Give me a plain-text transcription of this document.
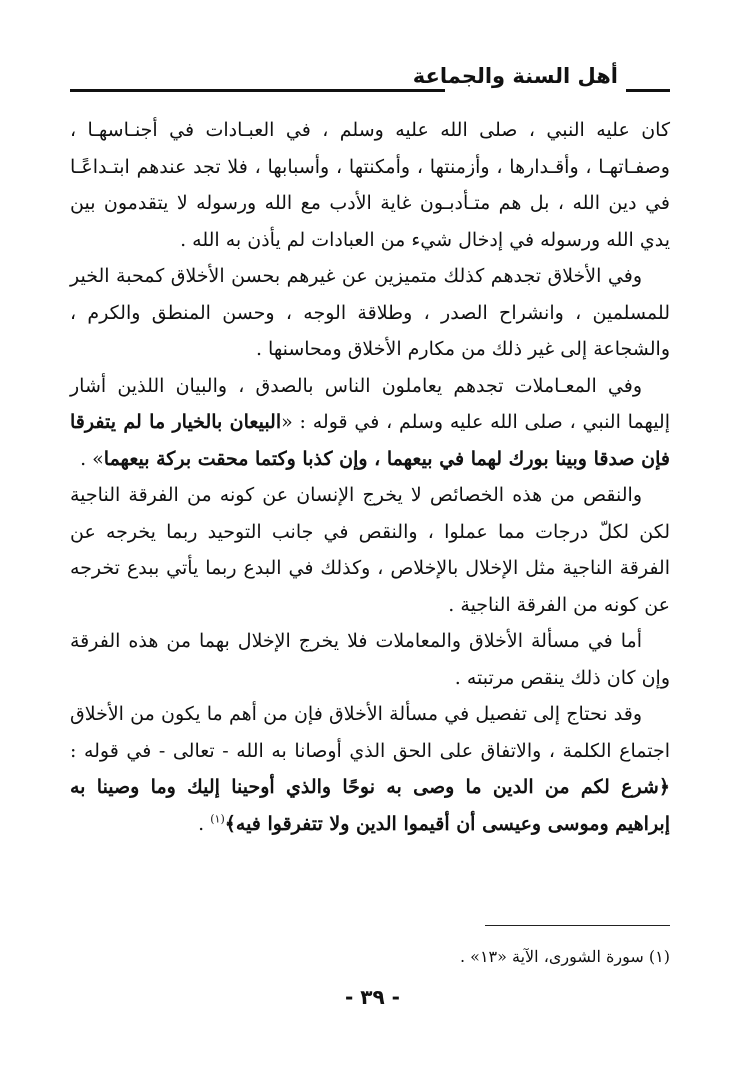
أهل السنة والجماعة

كان عليه النبي ، صلى الله عليه وسلم ، في العبـادات في أجنـاسهـا ، وصفـاتهـا ، وأقـدارها ، وأزمنتها ، وأمكنتها ، وأسبابها ، فلا تجد عندهم ابتـداعًـا في دين الله ، بل هم متـأدبـون غاية الأدب مع الله ورسوله لا يتقدمون بين يدي الله ورسوله في إدخال شيء من العبادات لم يأذن به الله .

وفي الأخلاق تجدهم كذلك متميزين عن غيرهم بحسن الأخلاق كمحبة الخير للمسلمين ، وانشراح الصدر ، وطلاقة الوجه ، وحسن المنطق والكرم ، والشجاعة إلى غير ذلك من مكارم الأخلاق ومحاسنها .

وفي المعـاملات تجدهم يعاملون الناس بالصدق ، والبيان اللذين أشار إليهما النبي ، صلى الله عليه وسلم ، في قوله : «البيعان بالخيار ما لم يتفرقا فإن صدقا وبينا بورك لهما في بيعهما ، وإن كذبا وكتما محقت بركة بيعهما» .

والنقص من هذه الخصائص لا يخرج الإنسان عن كونه من الفرقة الناجية لكن لكلّ درجات مما عملوا ، والنقص في جانب التوحيد ربما يخرجه عن الفرقة الناجية مثل الإخلال بالإخلاص ، وكذلك في البدع ربما يأتي ببدع تخرجه عن كونه من الفرقة الناجية .

أما في مسألة الأخلاق والمعاملات فلا يخرج الإخلال بهما من هذه الفرقة وإن كان ذلك ينقص مرتبته .

وقد نحتاج إلى تفصيل في مسألة الأخلاق فإن من أهم ما يكون من الأخلاق اجتماع الكلمة ، والاتفاق على الحق الذي أوصانا به الله - تعالى - في قوله : ﴿شرع لكم من الدين ما وصى به نوحًا والذي أوحينا إليك وما وصينا به إبراهيم وموسى وعيسى أن أقيموا الدين ولا تتفرقوا فيه﴾$^{(١)}$ .

(١) سورة الشورى، الآية «١٣» .
- ٣٩ -
